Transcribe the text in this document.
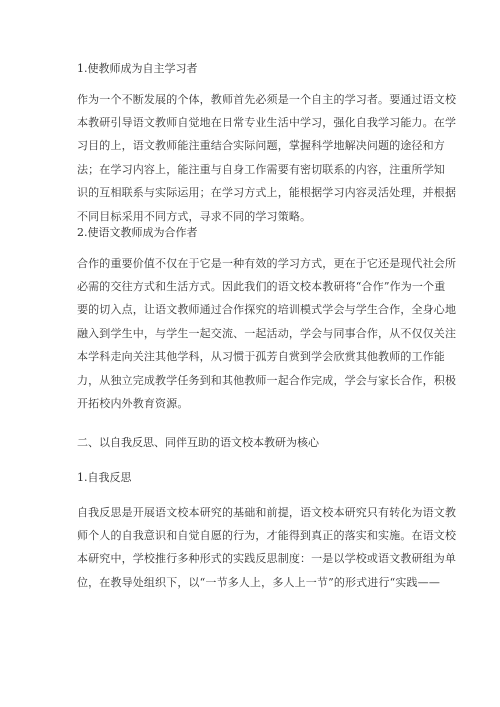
1.使教师成为自主学习者
作为一个不断发展的个体，教师首先必须是一个自主的学习者。要通过语文校
本教研引导语文教师自觉地在日常专业生活中学习，强化自我学习能力。在学
习目的上，语文教师能注重结合实际问题，掌握科学地解决问题的途径和方
法；在学习内容上，能注重与自身工作需要有密切联系的内容，注重所学知
识的互相联系与实际运用；在学习方式上，能根据学习内容灵活处理，并根据
不同目标采用不同方式，寻求不同的学习策略。
2.使语文教师成为合作者
合作的重要价值不仅在于它是一种有效的学习方式，更在于它还是现代社会所
必需的交往方式和生活方式。因此我们的语文校本教研将“合作”作为一个重
要的切入点，让语文教师通过合作探究的培训模式学会与学生合作，全身心地
融入到学生中，与学生一起交流、一起活动，学会与同事合作，从不仅仅关注
本学科走向关注其他学科，从习惯于孤芳自赏到学会欣赏其他教师的工作能
力，从独立完成教学任务到和其他教师一起合作完成，学会与家长合作，积极
开拓校内外教育资源。
二、以自我反思、同伴互助的语文校本教研为核心
1.自我反思
自我反思是开展语文校本研究的基础和前提，语文校本研究只有转化为语文教
师个人的自我意识和自觉自愿的行为，才能得到真正的落实和实施。在语文校
本研究中，学校推行多种形式的实践反思制度：一是以学校或语文教研组为单
位，在教导处组织下，以“一节多人上，多人上一节”的形式进行“实践——
